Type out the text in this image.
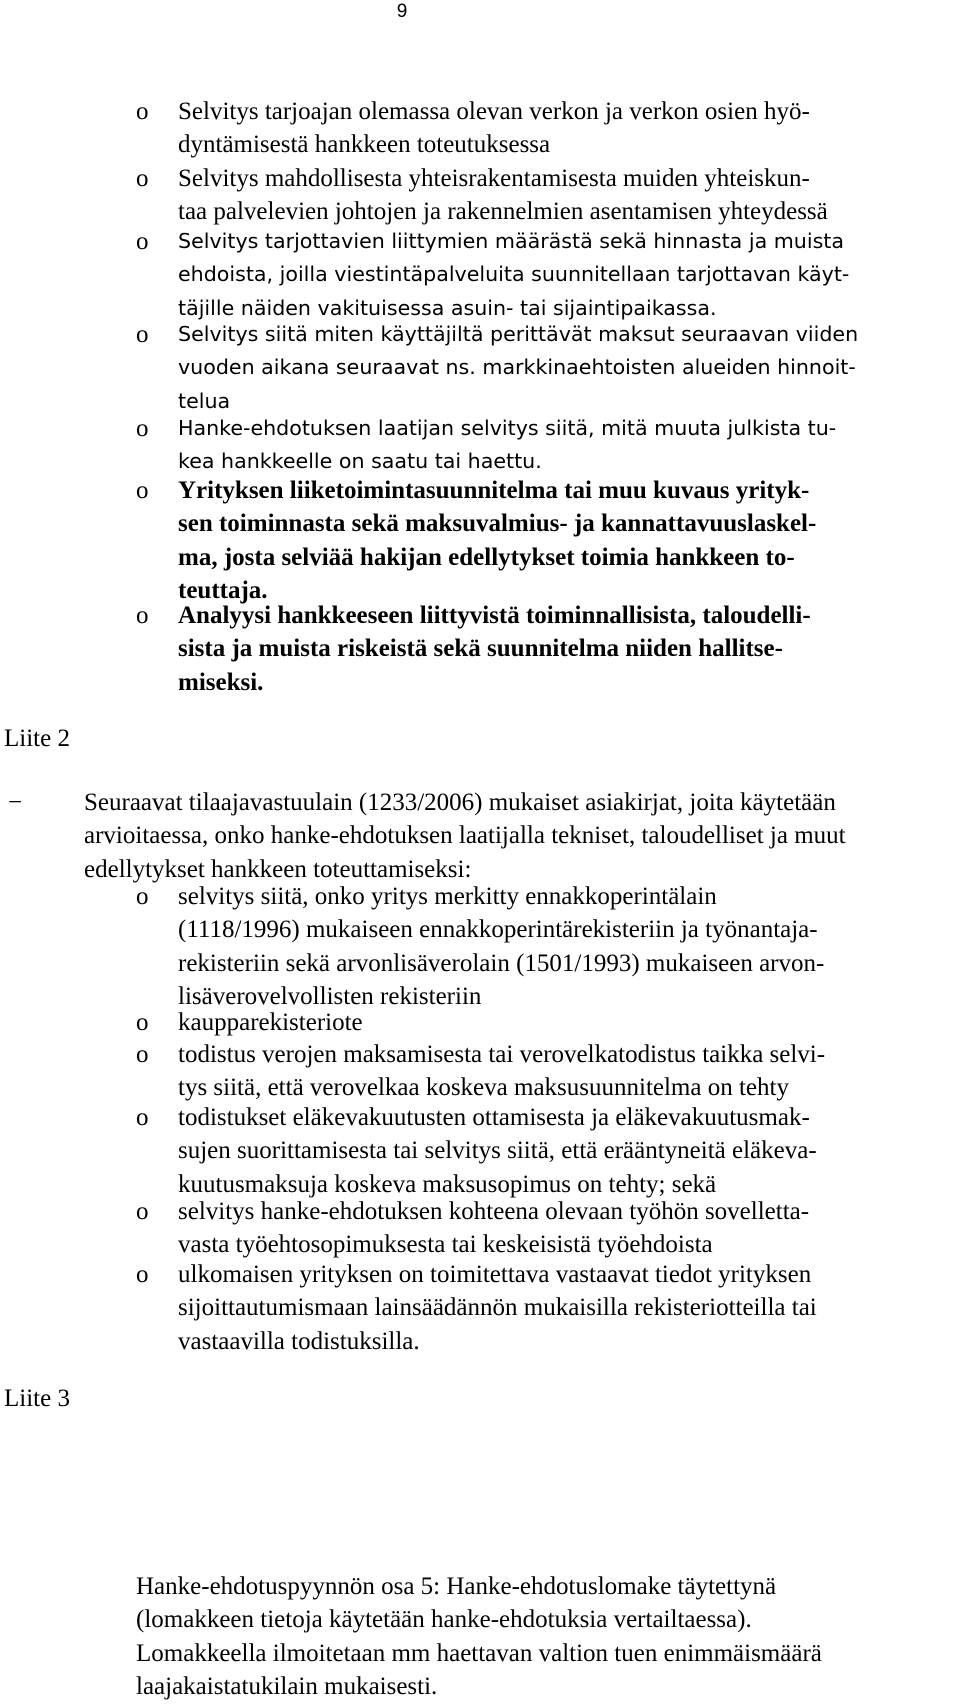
9
o Selvitys tarjoajan olemassa olevan verkon ja verkon osien hyö-
dyntämisestä hankkeen toteutuksessa
o Selvitys mahdollisesta yhteisrakentamisesta muiden yhteiskun-
taa palvelevien johtojen ja rakennelmien asentamisen yhteydessä
o Selvitys tarjottavien liittymien määrästä sekä hinnasta ja muista
ehdoista, joilla viestintäpalveluita suunnitellaan tarjottavan käyt-
täjille näiden vakituisessa asuin- tai sijaintipaikassa.
o Selvitys siitä miten käyttäjiltä perittävät maksut seuraavan viiden
vuoden aikana seuraavat ns. markkinaehtoisten alueiden hinnoit-
telua
o Hanke-ehdotuksen laatijan selvitys siitä, mitä muuta julkista tu-
kea hankkeelle on saatu tai haettu.
o Yrityksen liiketoimintasuunnitelma tai muu kuvaus yrityk-
sen toiminnasta sekä maksuvalmius- ja kannattavuuslaskel-
ma, josta selviää hakijan edellytykset toimia hankkeen to-
teuttaja.
o Analyysi hankkeeseen liittyvistä toiminnallisista, taloudelli-
sista ja muista riskeistä sekä suunnitelma niiden hallitse-
miseksi.
Liite 2
− Seuraavat tilaajavastuulain (1233/2006) mukaiset asiakirjat, joita käytetään
arvioitaessa, onko hanke-ehdotuksen laatijalla tekniset, taloudelliset ja muut
edellytykset hankkeen toteuttamiseksi:
o selvitys siitä, onko yritys merkitty ennakkoperintälain
(1118/1996) mukaiseen ennakkoperintärekisteriin ja työnantaja-
rekisteriin sekä arvonlisäverolain (1501/1993) mukaiseen arvon-
lisäverovelvollisten rekisteriin
o kaupparekisteriote
o todistus verojen maksamisesta tai verovelkatodistus taikka selvi-
tys siitä, että verovelkaa koskeva maksusuunnitelma on tehty
o todistukset eläkevakuutusten ottamisesta ja eläkevakuutusmak-
sujen suorittamisesta tai selvitys siitä, että erääntyneitä eläkeva-
kuutusmaksuja koskeva maksusopimus on tehty; sekä
o selvitys hanke-ehdotuksen kohteena olevaan työhön sovelletta-
vasta työehtosopimuksesta tai keskeisistä työehdoista
o ulkomaisen yrityksen on toimitettava vastaavat tiedot yrityksen
sijoittautumismaan lainsäädännön mukaisilla rekisteriotteilla tai
vastaavilla todistuksilla.
Liite 3
Hanke-ehdotuspyynnön osa 5: Hanke-ehdotuslomake täytettynä
(lomakkeen tietoja käytetään hanke-ehdotuksia vertailtaessa).
Lomakkeella ilmoitetaan mm haettavan valtion tuen enimmäismäärä
laajakaistatukilain mukaisesti.
